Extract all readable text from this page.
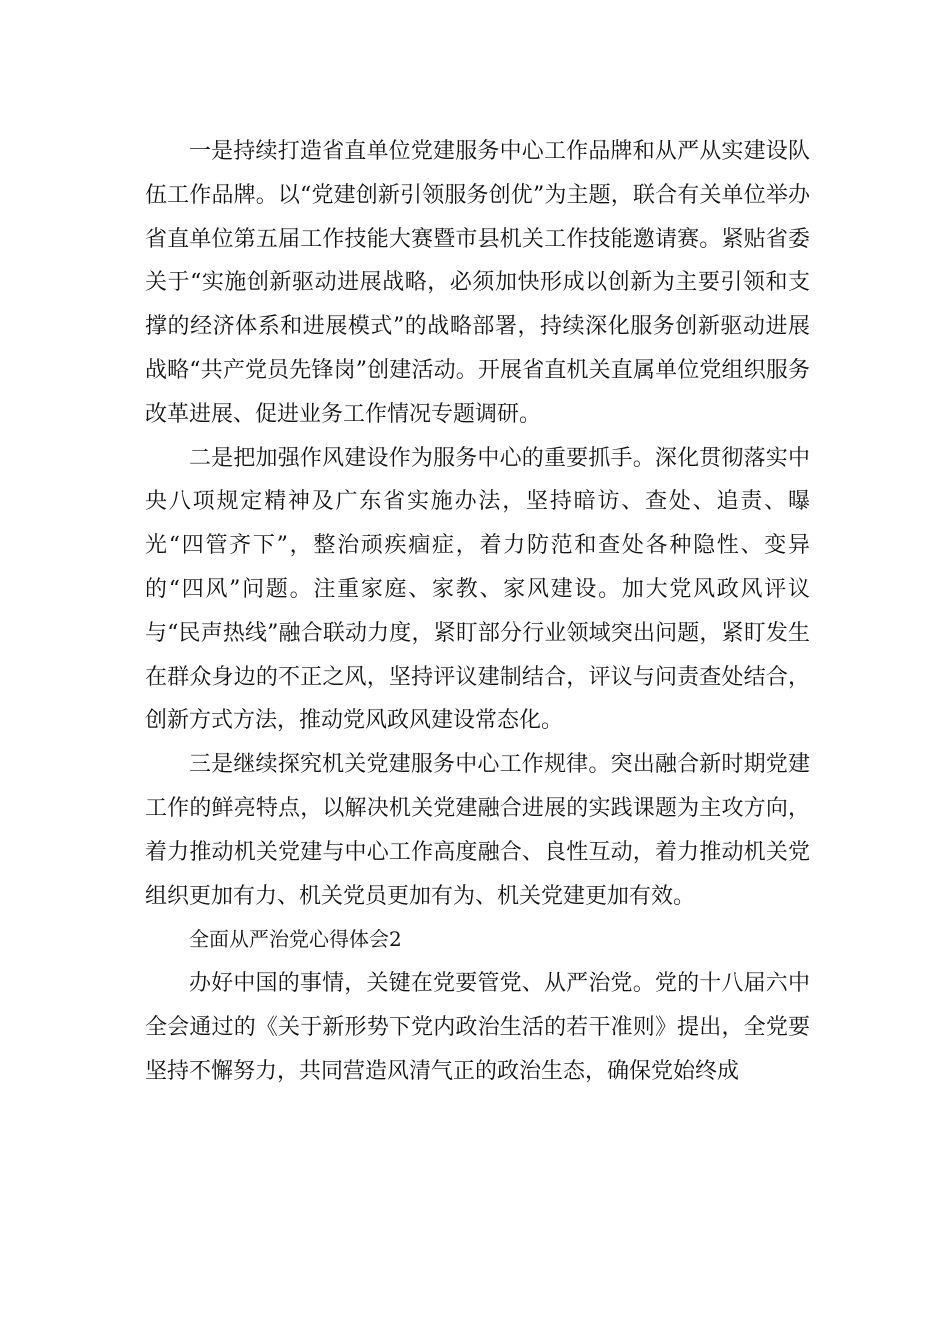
一是持续打造省直单位党建服务中心工作品牌和从严从实建设队伍工作品牌。以“党建创新引领服务创优”为主题，联合有关单位举办省直单位第五届工作技能大赛暨市县机关工作技能邀请赛。紧贴省委关于“实施创新驱动进展战略，必须加快形成以创新为主要引领和支撑的经济体系和进展模式”的战略部署，持续深化服务创新驱动进展战略“共产党员先锋岗”创建活动。开展省直机关直属单位党组织服务改革进展、促进业务工作情况专题调研。

二是把加强作风建设作为服务中心的重要抓手。深化贯彻落实中央八项规定精神及广东省实施办法，坚持暗访、查处、追责、曝光“四管齐下”，整治顽疾痼症，着力防范和查处各种隐性、变异的“四风”问题。注重家庭、家教、家风建设。加大党风政风评议与“民声热线”融合联动力度，紧盯部分行业领域突出问题，紧盯发生在群众身边的不正之风，坚持评议建制结合，评议与问责查处结合，创新方式方法，推动党风政风建设常态化。

三是继续探究机关党建服务中心工作规律。突出融合新时期党建工作的鲜亮特点，以解决机关党建融合进展的实践课题为主攻方向，着力推动机关党建与中心工作高度融合、良性互动，着力推动机关党组织更加有力、机关党员更加有为、机关党建更加有效。

全面从严治党心得体会2

办好中国的事情，关键在党要管党、从严治党。党的十八届六中全会通过的《关于新形势下党内政治生活的若干准则》提出，全党要坚持不懈努力，共同营造风清气正的政治生态，确保党始终成
